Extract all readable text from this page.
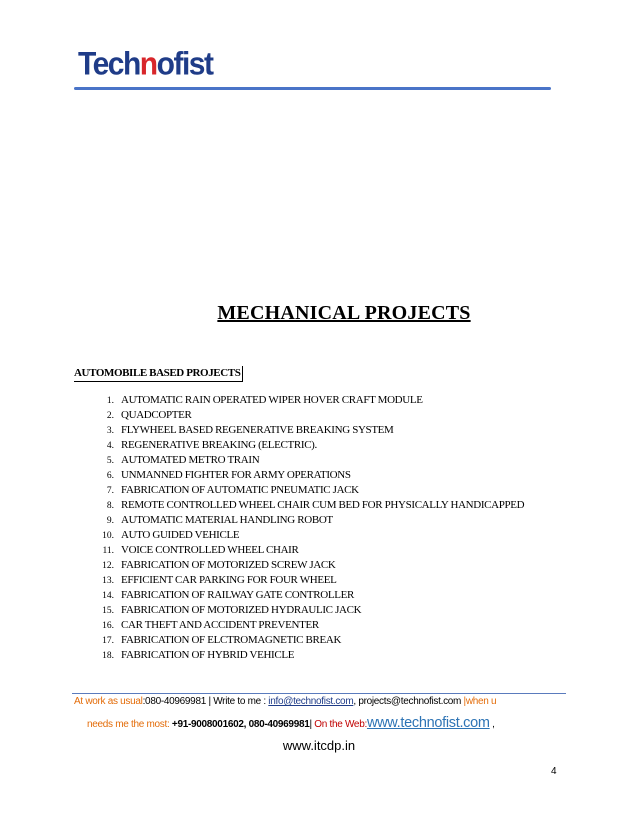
Technofist
MECHANICAL PROJECTS
AUTOMOBILE BASED PROJECTS
1. AUTOMATIC RAIN OPERATED WIPER HOVER CRAFT MODULE
2. QUADCOPTER
3. FLYWHEEL BASED REGENERATIVE BREAKING SYSTEM
4. REGENERATIVE BREAKING (ELECTRIC).
5. AUTOMATED METRO TRAIN
6. UNMANNED FIGHTER FOR ARMY OPERATIONS
7. FABRICATION OF AUTOMATIC PNEUMATIC JACK
8. REMOTE CONTROLLED WHEEL CHAIR CUM BED FOR PHYSICALLY HANDICAPPED
9. AUTOMATIC MATERIAL HANDLING ROBOT
10. AUTO GUIDED VEHICLE
11. VOICE CONTROLLED WHEEL CHAIR
12. FABRICATION OF MOTORIZED SCREW JACK
13. EFFICIENT CAR PARKING FOR FOUR WHEEL
14. FABRICATION OF RAILWAY GATE CONTROLLER
15. FABRICATION OF MOTORIZED HYDRAULIC JACK
16. CAR THEFT AND ACCIDENT PREVENTER
17. FABRICATION OF ELCTROMAGNETIC BREAK
18. FABRICATION OF HYBRID VEHICLE
At work as usual:080-40969981 | Write to me : info@technofist.com, projects@technofist.com |when u
needs me the most: +91-9008001602, 080-40969981| On the Web:www.technofist.com ,
www.itcdp.in
4
